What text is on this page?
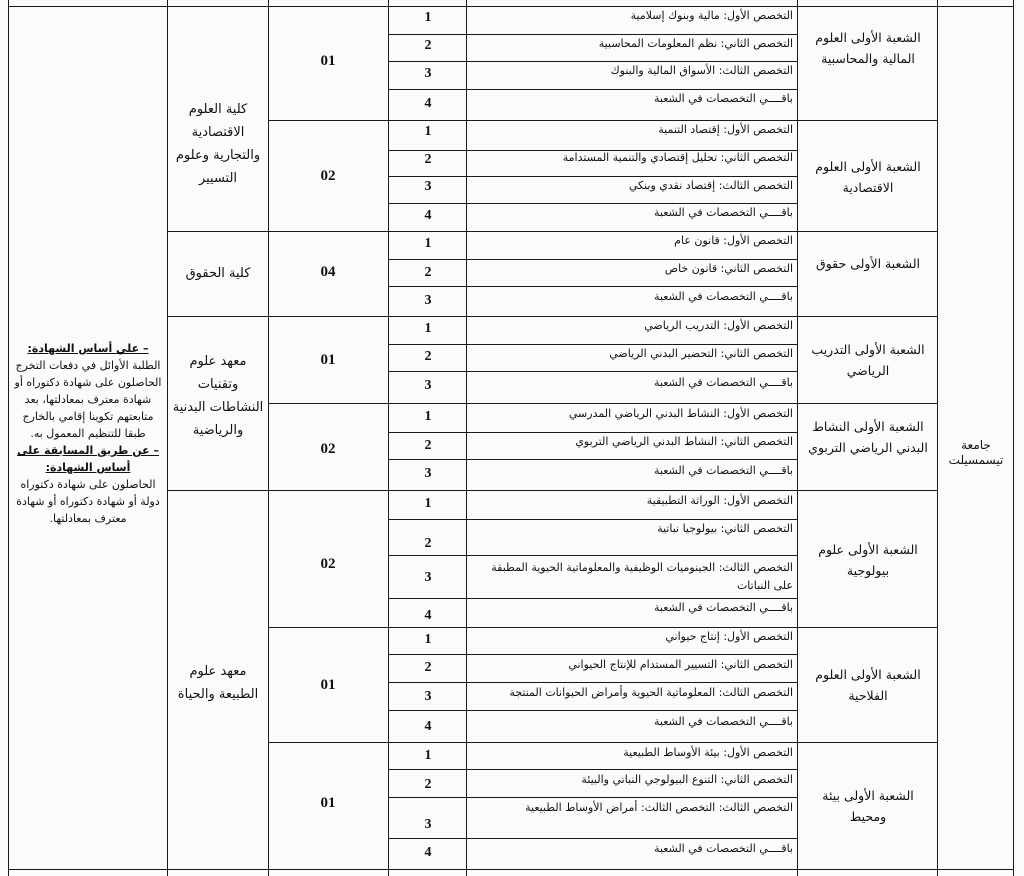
جامعة تيسمسيلت
– علي أساس الشهادة:
الطلبة الأوائل في دفعات التخرج الحاصلون على شهادة دكتوراه أو شهادة معترف بمعادلتها، بعد متابعتهم تكوينا إقامي بالخارج طبقا للتنظيم المعمول به.
– عن طريق المسابقة على أساس الشهادة:
الحاصلون على شهادة دكتوراه دولة أو شهادة دكتوراه أو شهادة معترف بمعادلتها.
كلية العلوم الاقتصادية والتجارية وعلوم التسيير
كلية الحقوق
معهد علوم وتقنيات النشاطات البدنية والرياضية
معهد علوم الطبيعة والحياة
01
02
04
01
02
02
01
01
الشعبة الأولى العلوم المالية والمحاسبية
الشعبة الأولى العلوم الاقتصادية
الشعبة الأولى حقوق
الشعبة الأولى التدريب الرياضي
الشعبة الأولى النشاط البدني الرياضي التربوي
الشعبة الأولى علوم بيولوجية
الشعبة الأولى العلوم الفلاحية
الشعبة الأولى بيئة ومحيط
1
2
3
4
1
2
3
4
1
2
3
1
2
3
1
2
3
1
2
3
4
1
2
3
4
1
2
3
4
التخصص الأول: مالية وبنوك إسلامية
التخصص الثاني: نظم المعلومات المحاسبية
التخصص الثالث: الأسواق المالية والبنوك
باقــــي التخصصات في الشعبة
التخصص الأول: إقتصاد التنمية
التخصص الثاني: تحليل إقتصادي والتنمية المستدامة
التخصص الثالث: إقتصاد نقدي وبنكي
باقــــي التخصصات في الشعبة
التخصص الأول: قانون عام
التخصص الثاني: قانون خاص
باقــــي التخصصات في الشعبة
التخصص الأول: التدريب الرياضي
التخصص الثاني: التحضير البدني الرياضي
باقــــي التخصصات في الشعبة
التخصص الأول: النشاط البدني الرياضي المدرسي
التخصص الثاني: النشاط البدني الرياضي التربوي
باقــــي التخصصات في الشعبة
التخصص الأول: الوراثة التطبيقية
التخصص الثاني: بيولوجيا نباتية
التخصص الثالث: الجينوميات الوظيفية والمعلوماتية الحيوية المطبقة على النباتات
باقــــي التخصصات في الشعبة
التخصص الأول: إنتاج حيواني
التخصص الثاني: التسيير المستدام للإنتاج الحيواني
التخصص الثالث: المعلوماتية الحيوية وأمراض الحيوانات المنتجة
باقــــي التخصصات في الشعبة
التخصص الأول: بيئة الأوساط الطبيعية
التخصص الثاني: التنوع البيولوجي النباتي والبيئة
التخصص الثالث: التخصص الثالث: أمراض الأوساط الطبيعية
باقــــي التخصصات في الشعبة
